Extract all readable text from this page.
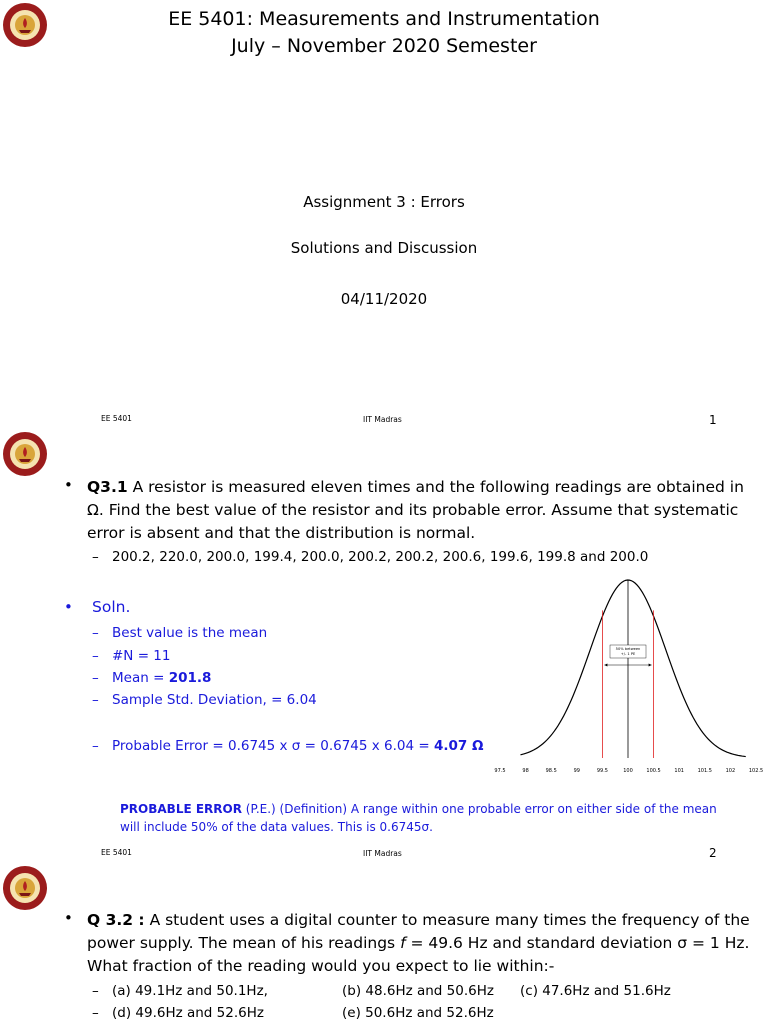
EE 5401: Measurements and Instrumentation
July – November 2020 Semester
Assignment 3 : Errors
Solutions and Discussion
04/11/2020
EE 5401	IIT Madras	1
• Q3.1 A resistor is measured eleven times and the following readings are obtained in
Ω. Find the best value of the resistor and its probable error. Assume that systematic
error is absent and that the distribution is normal.
– 200.2, 220.0, 200.0, 199.4, 200.0, 200.2, 200.2, 200.6, 199.6, 199.8 and 200.0
• Soln.
– Best value is the mean
– #N = 11
– Mean = 201.8
– Sample Std. Deviation, = 6.04
– Probable Error = 0.6745 x σ = 0.6745 x 6.04 = 4.07 Ω
50% between
+/- 1 PE
97.5	98	98.5	99	99.5	100	100.5	101	101.5	102	102.5
PROBABLE ERROR (P.E.) (Definition) A range within one probable error on either side of the mean
will include 50% of the data values. This is 0.6745σ.
EE 5401	IIT Madras	2
• Q 3.2 : A student uses a digital counter to measure many times the frequency of the
power supply. The mean of his readings f = 49.6 Hz and standard deviation σ = 1 Hz.
What fraction of the reading would you expect to lie within:-
– (a) 49.1Hz and 50.1Hz,	(b) 48.6Hz and 50.6Hz (c) 47.6Hz and 51.6Hz
– (d) 49.6Hz and 52.6Hz	(e) 50.6Hz and 52.6Hz
